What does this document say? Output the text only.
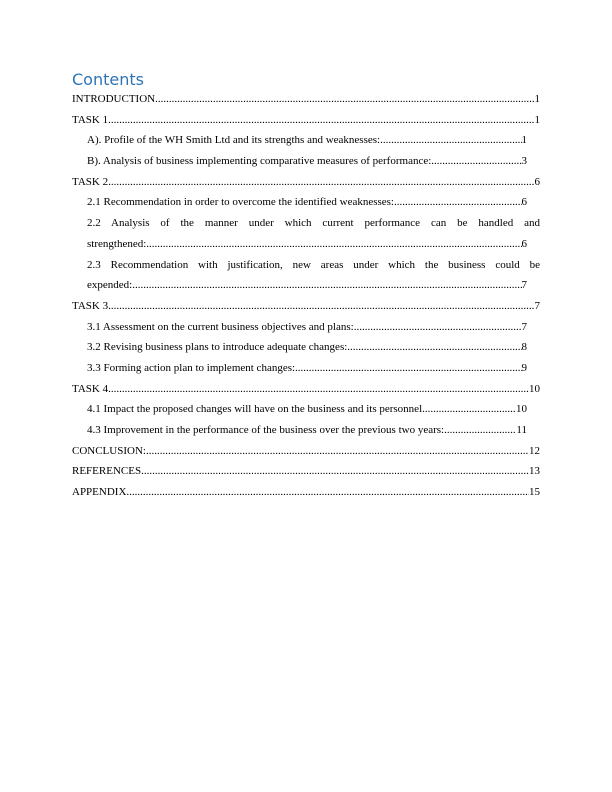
Contents
INTRODUCTION .....	1
TASK 1 .....	1
A). Profile of the WH Smith Ltd and its strengths and weaknesses: .....	1
B). Analysis of business implementing comparative measures of performance: .....	3
TASK 2 .....	6
2.1 Recommendation in order to overcome the identified weaknesses: .....	6
2.2 Analysis of the manner under which current performance can be handled and
strengthened: .....	6
2.3 Recommendation with justification, new areas under which the business could be
expended: .....	7
TASK 3 .....	7
3.1 Assessment on the current business objectives and plans: .....	7
3.2 Revising business plans to introduce adequate changes: .....	8
3.3 Forming action plan to implement changes: .....	9
TASK 4 .....	10
4.1 Impact the proposed changes will have on the business and its personnel .....	10
4.3 Improvement in the performance of the business over the previous two years: .....	11
CONCLUSION: .....	12
REFERENCES .....	13
APPENDIX .....	15
